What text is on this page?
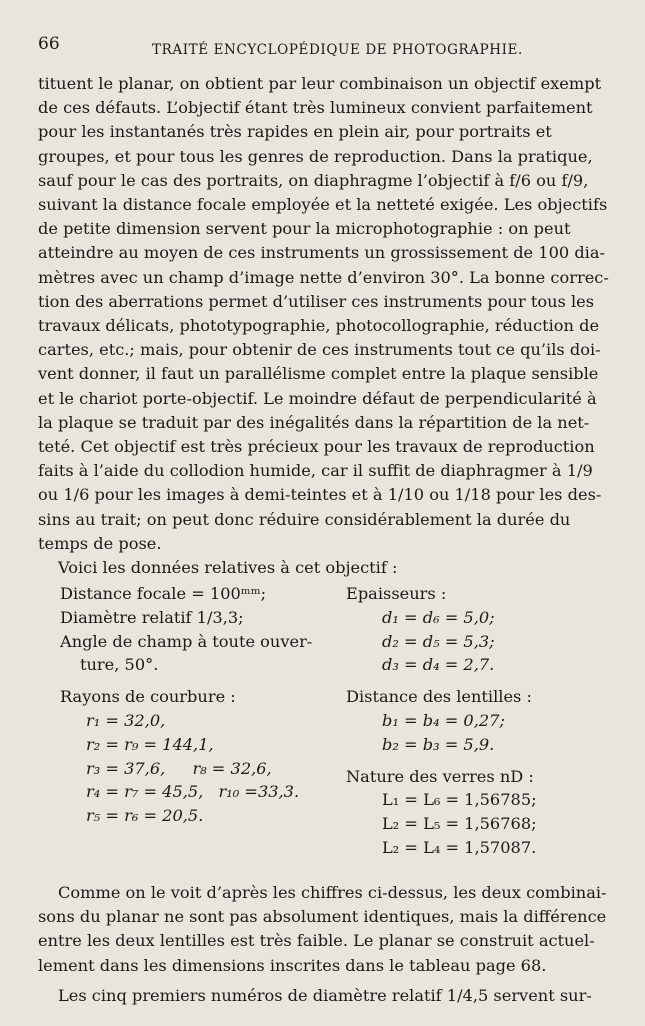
66	TRAITÉ ENCYCLOPÉDIQUE DE PHOTOGRAPHIE.
tituent le planar, on obtient par leur combinaison un objectif exempt
de ces défauts. L’objectif étant très lumineux convient parfaitement
pour les instantanés très rapides en plein air, pour portraits et
groupes, et pour tous les genres de reproduction. Dans la pratique,
sauf pour le cas des portraits, on diaphragme l’objectif à f/6 ou f/9,
suivant la distance focale employée et la netteté exigée. Les objectifs
de petite dimension servent pour la microphotographie : on peut
atteindre au moyen de ces instruments un grossissement de 100 dia-
mètres avec un champ d’image nette d’environ 30°. La bonne correc-
tion des aberrations permet d’utiliser ces instruments pour tous les
travaux délicats, phototypographie, photocollographie, réduction de
cartes, etc.; mais, pour obtenir de ces instruments tout ce qu’ils doi-
vent donner, il faut un parallélisme complet entre la plaque sensible
et le chariot porte-objectif. Le moindre défaut de perpendicularité à
la plaque se traduit par des inégalités dans la répartition de la net-
teté. Cet objectif est très précieux pour les travaux de reproduction
faits à l’aide du collodion humide, car il suffit de diaphragmer à 1/9
ou 1/6 pour les images à demi-teintes et à 1/10 ou 1/18 pour les des-
sins au trait; on peut donc réduire considérablement la durée du
temps de pose.
Voici les données relatives à cet objectif :
Distance focale = 100ᵐᵐ;
Diamètre relatif 1/3,3;
Angle de champ à toute ouver-
ture, 50°.
Rayons de courbure :
r₁ = 32,0,
r₂ = r₉ = 144,1,
r₃ = 37,6, r₈ = 32,6,
r₄ = r₇ = 45,5, r₁₀ =33,3.
r₅ = r₆ = 20,5.
Epaisseurs :
d₁ = d₆ = 5,0;
d₂ = d₅ = 5,3;
d₃ = d₄ = 2,7.
Distance des lentilles :
b₁ = b₄ = 0,27;
b₂ = b₃ = 5,9.
Nature des verres nD :
L₁ = L₆ = 1,56785;
L₂ = L₅ = 1,56768;
L₂ = L₄ = 1,57087.
Comme on le voit d’après les chiffres ci-dessus, les deux combinai-
sons du planar ne sont pas absolument identiques, mais la différence
entre les deux lentilles est très faible. Le planar se construit actuel-
lement dans les dimensions inscrites dans le tableau page 68.
Les cinq premiers numéros de diamètre relatif 1/4,5 servent sur-
